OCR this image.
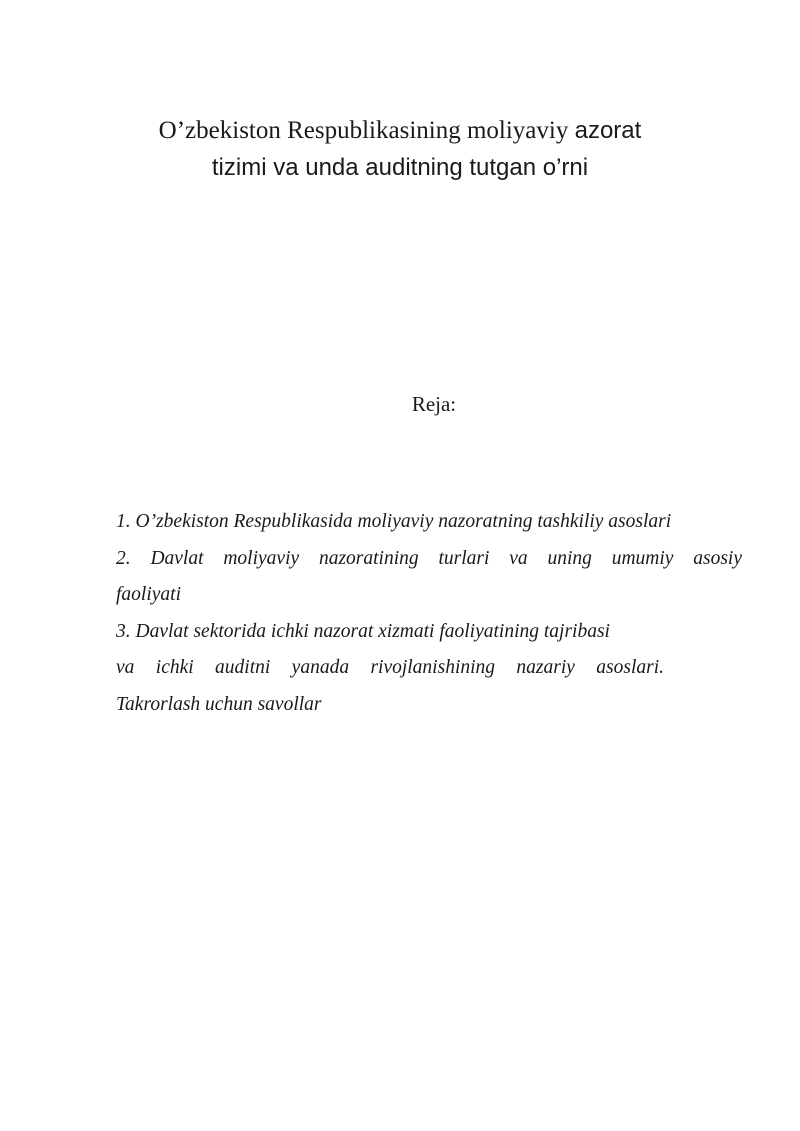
O’zbekiston Respublikasining moliyaviy azorat
tizimi va unda auditning tutgan o’rni
Reja:
1. O’zbekiston Respublikasida moliyaviy nazoratning tashkiliy asoslari
2. Davlat moliyaviy nazoratining turlari va uning umumiy asosiy
faoliyati
3. Davlat sektorida ichki nazorat xizmati faoliyatining tajribasi
va ichki auditni yanada rivojlanishining nazariy asoslari.
Takrorlash uchun savollar
